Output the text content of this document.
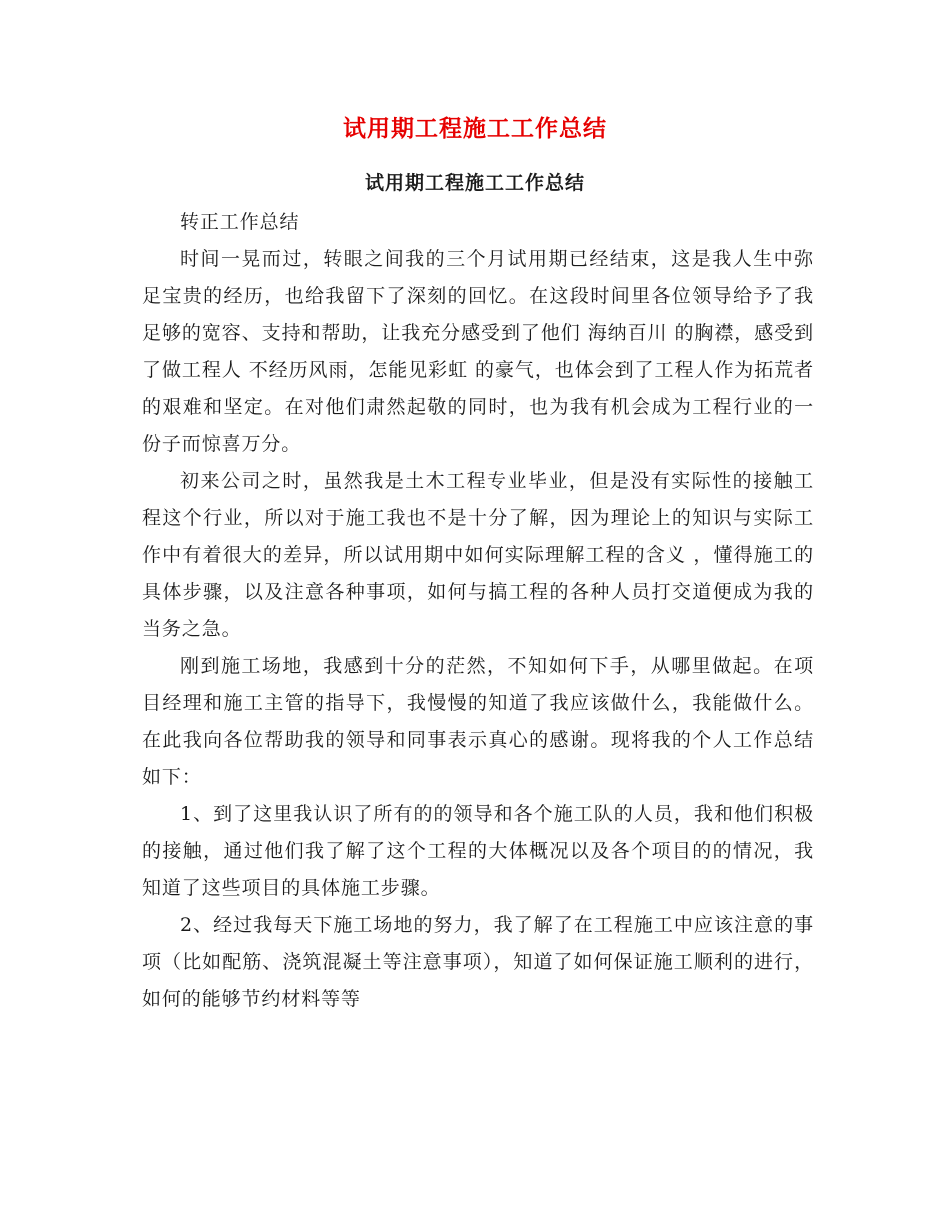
试用期工程施工工作总结
试用期工程施工工作总结

转正工作总结

时间一晃而过，转眼之间我的三个月试用期已经结束，这是我人生中弥足宝贵的经历，也给我留下了深刻的回忆。在这段时间里各位领导给予了我足够的宽容、支持和帮助，让我充分感受到了他们 海纳百川 的胸襟，感受到了做工程人 不经历风雨，怎能见彩虹 的豪气，也体会到了工程人作为拓荒者的艰难和坚定。在对他们肃然起敬的同时，也为我有机会成为工程行业的一份子而惊喜万分。

初来公司之时，虽然我是土木工程专业毕业，但是没有实际性的接触工程这个行业，所以对于施工我也不是十分了解，因为理论上的知识与实际工作中有着很大的差异，所以试用期中如何实际理解工程的含义 ，懂得施工的具体步骤，以及注意各种事项，如何与搞工程的各种人员打交道便成为我的当务之急。

刚到施工场地，我感到十分的茫然，不知如何下手，从哪里做起。在项目经理和施工主管的指导下，我慢慢的知道了我应该做什么，我能做什么。在此我向各位帮助我的领导和同事表示真心的感谢。现将我的个人工作总结如下：

1、到了这里我认识了所有的的领导和各个施工队的人员，我和他们积极的接触，通过他们我了解了这个工程的大体概况以及各个项目的的情况，我知道了这些项目的具体施工步骤。

2、经过我每天下施工场地的努力，我了解了在工程施工中应该注意的事项（比如配筋、浇筑混凝土等注意事项），知道了如何保证施工顺利的进行，如何的能够节约材料等等
